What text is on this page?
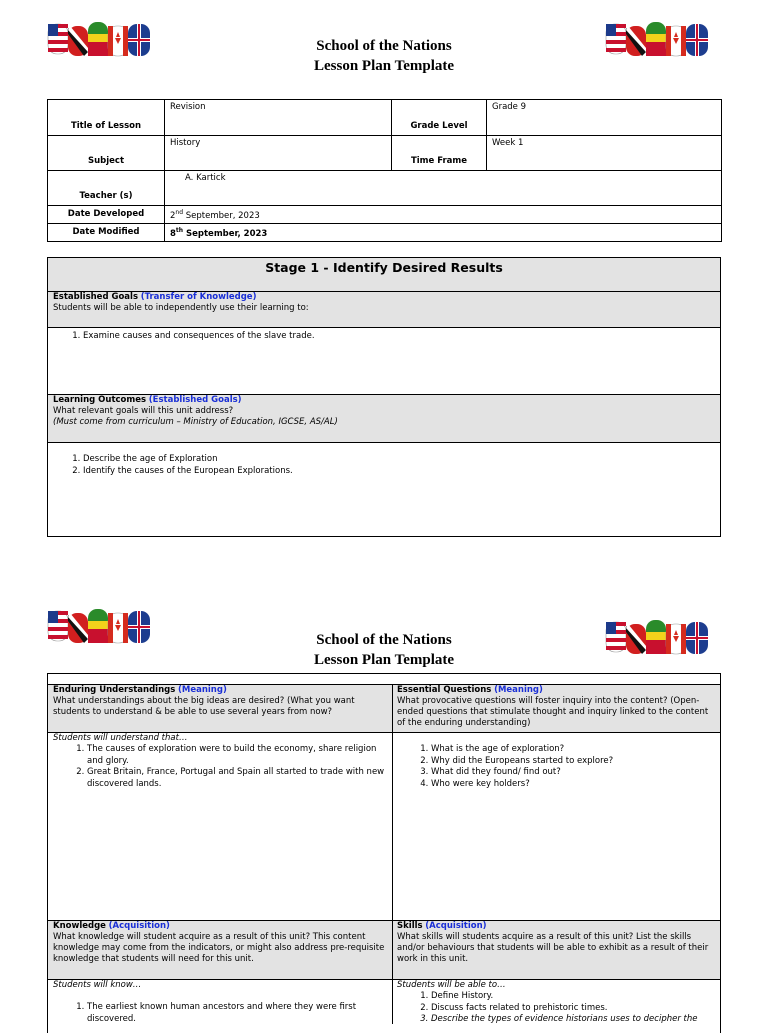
School of the Nations
Lesson Plan Template
Title of Lesson	Revision	Grade Level	Grade 9
Subject	History	Time Frame	Week 1
Teacher (s)	A. Kartick		
Date Developed	2nd September, 2023		
Date Modified	8th September, 2023		
Stage 1 - Identify Desired Results
Established Goals (Transfer of Knowledge)
Students will be able to independently use their learning to:
1. Examine causes and consequences of the slave trade.
Learning Outcomes (Established Goals)
What relevant goals will this unit address?
(Must come from curriculum – Ministry of Education, IGCSE, AS/AL)
1. Describe the age of Exploration
2. Identify the causes of the European Explorations.
School of the Nations
Lesson Plan Template
Enduring Understandings (Meaning)
What understandings about the big ideas are desired? (What you want students to understand & be able to use several years from now?
Essential Questions (Meaning)
What provocative questions will foster inquiry into the content? (Open-ended questions that stimulate thought and inquiry linked to the content of the enduring understanding)
Students will understand that…
1. The causes of exploration were to build the economy, share religion and glory.
2. Great Britain, France, Portugal and Spain all started to trade with new discovered lands.
1. What is the age of exploration?
2. Why did the Europeans started to explore?
3. What did they found/ find out?
4. Who were key holders?
Knowledge (Acquisition)
What knowledge will student acquire as a result of this unit? This content knowledge may come from the indicators, or might also address pre-requisite knowledge that students will need for this unit.
Skills (Acquisition)
What skills will students acquire as a result of this unit? List the skills and/or behaviours that students will be able to exhibit as a result of their work in this unit.
Students will know…
1. The earliest known human ancestors and where they were first discovered.
Students will be able to…
1. Define History.
2. Discuss facts related to prehistoric times.
3. Describe the types of evidence historians uses to decipher the
